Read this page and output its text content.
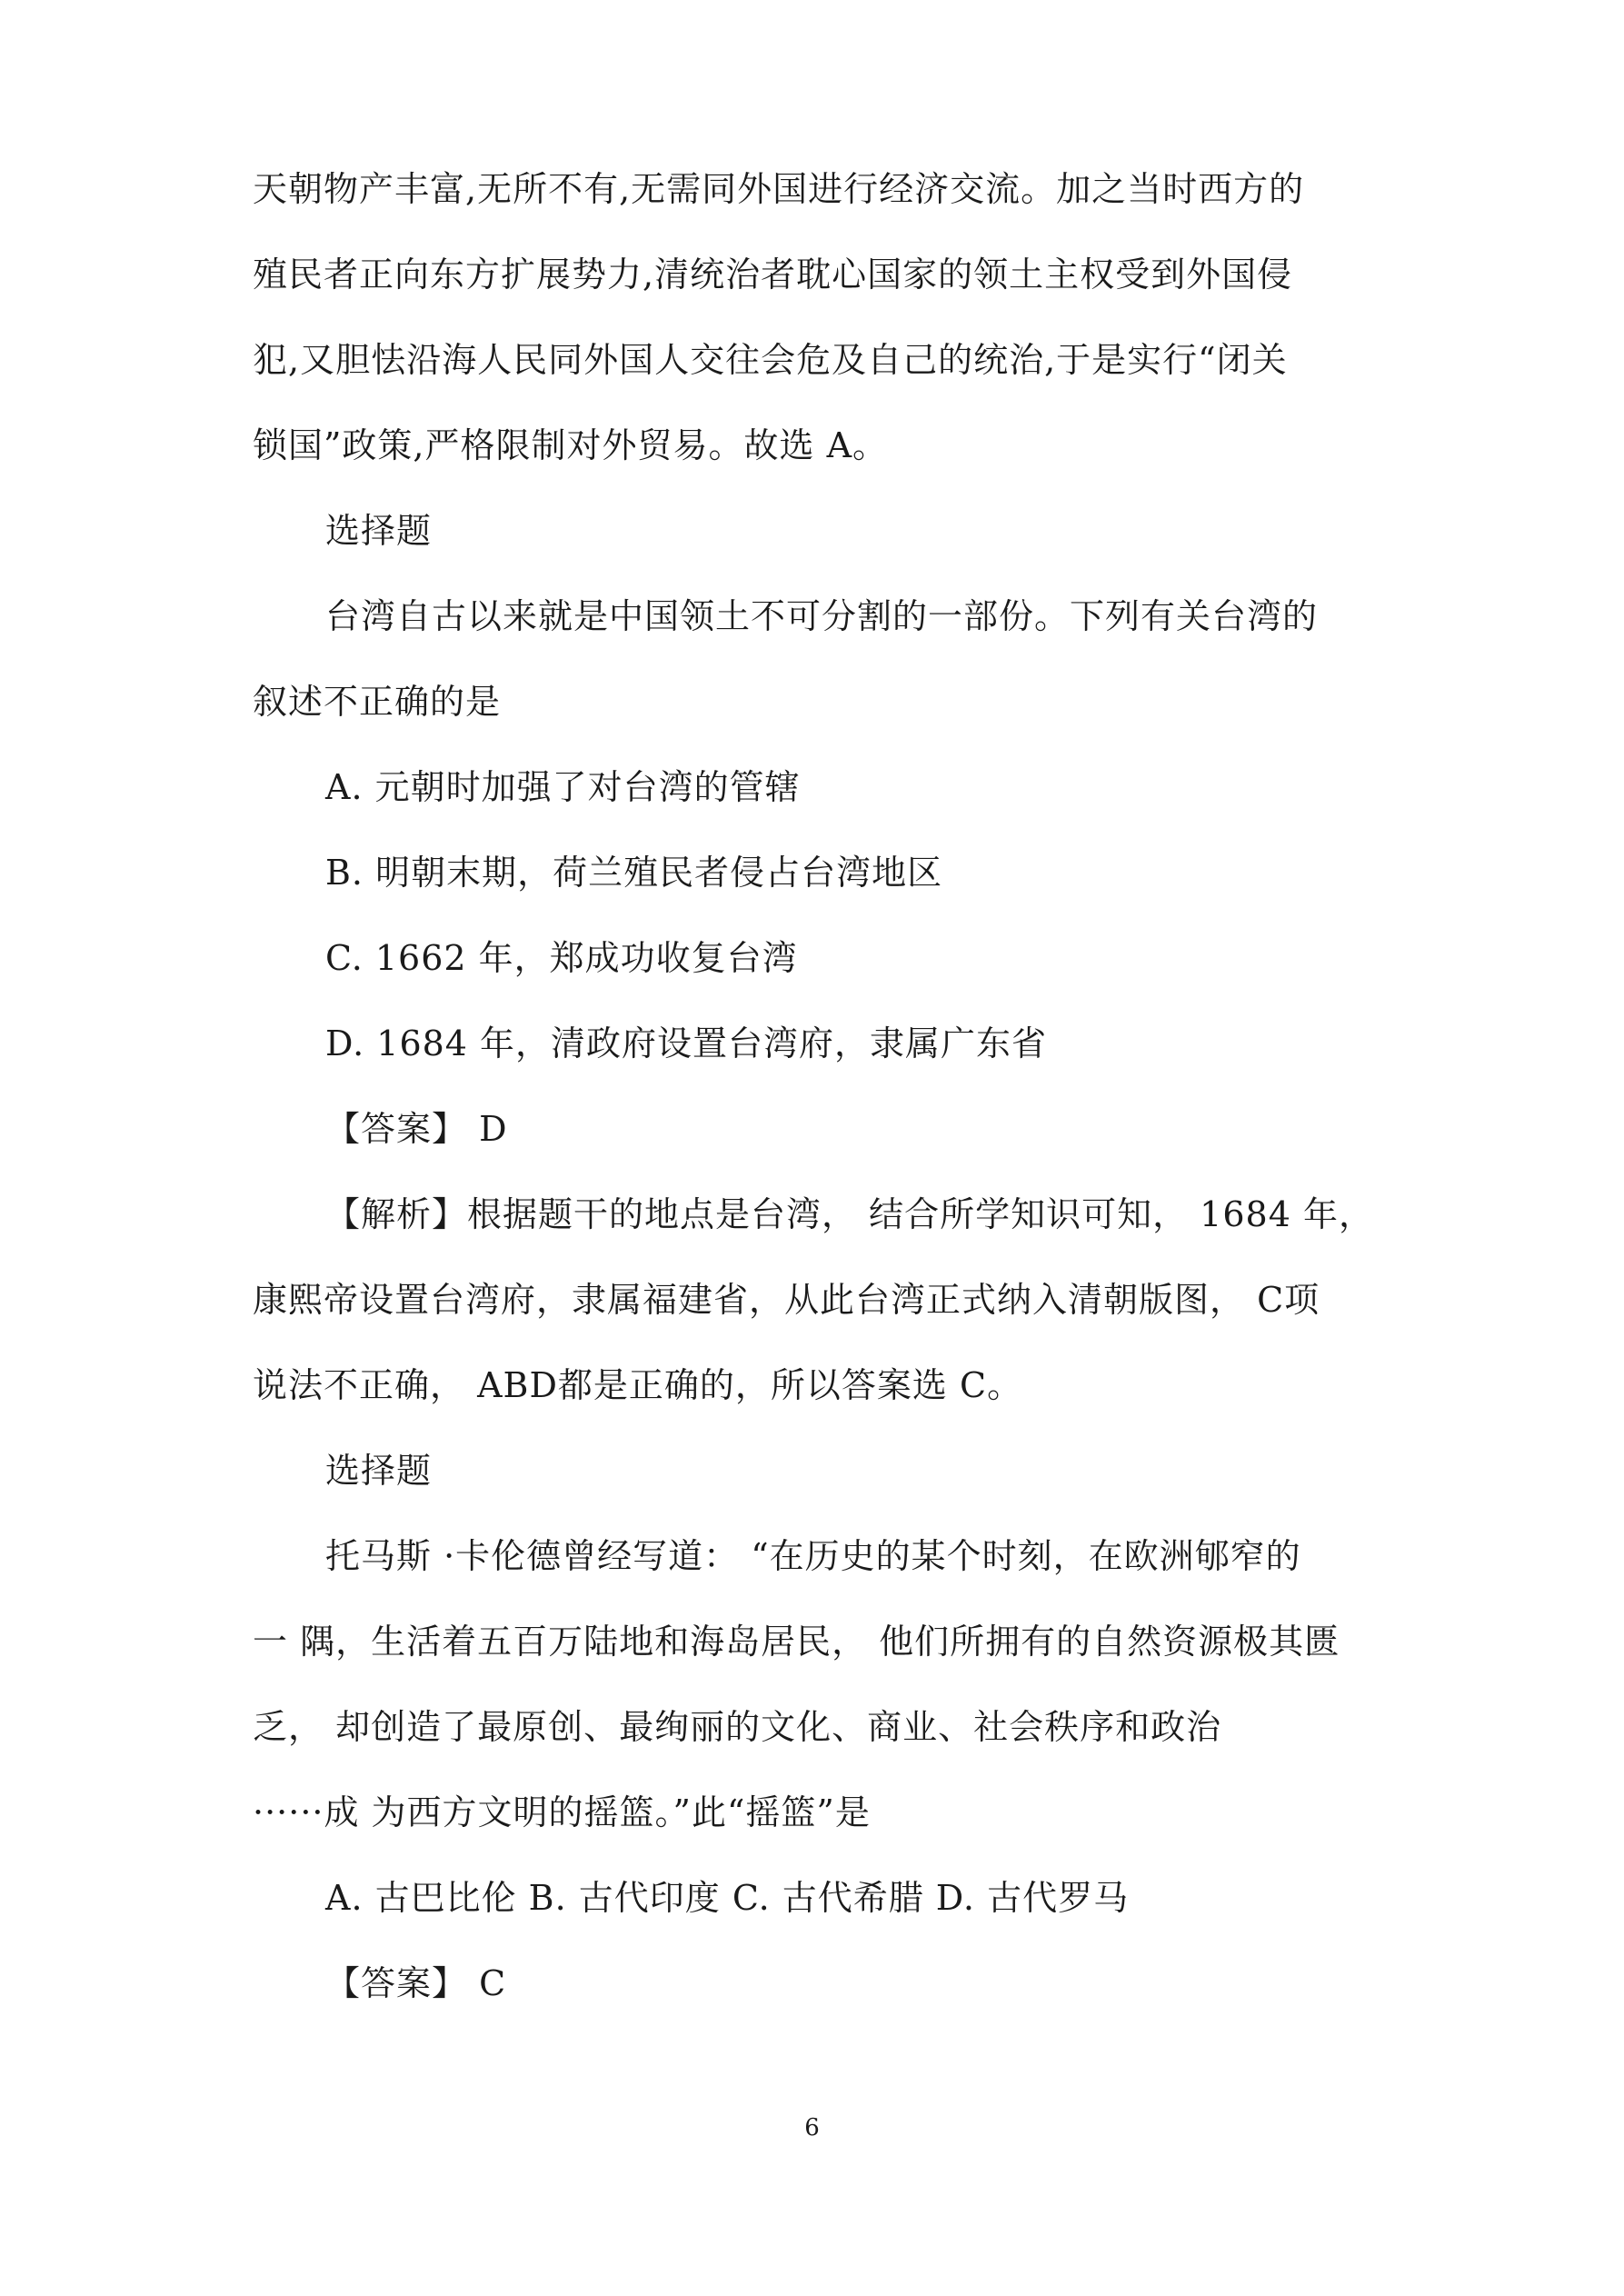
天朝物产丰富,无所不有,无需同外国进行经济交流。加之当时西方的
殖民者正向东方扩展势力,清统治者耽心国家的领土主权受到外国侵
犯,又胆怯沿海人民同外国人交往会危及自己的统治,于是实行“闭关
锁国”政策,严格限制对外贸易。故选 A。
选择题
台湾自古以来就是中国领土不可分割的一部份。下列有关台湾的
叙述不正确的是
A. 元朝时加强了对台湾的管辖
B. 明朝末期，荷兰殖民者侵占台湾地区
C. 1662 年，郑成功收复台湾
D. 1684 年，清政府设置台湾府，隶属广东省
【答案】 D
【解析】根据题干的地点是台湾， 结合所学知识可知， 1684 年，
康熙帝设置台湾府，隶属福建省，从此台湾正式纳入清朝版图， C项
说法不正确， ABD都是正确的，所以答案选 C。
选择题
托马斯 ·卡伦德曾经写道： “在历史的某个时刻，在欧洲郇窄的
一 隅，生活着五百万陆地和海岛居民， 他们所拥有的自然资源极其匮
乏， 却创造了最原创、最绚丽的文化、商业、社会秩序和政治
······成 为西方文明的摇篮。”此“摇篮”是
A. 古巴比伦 B. 古代印度 C. 古代希腊 D. 古代罗马
【答案】 C
6
